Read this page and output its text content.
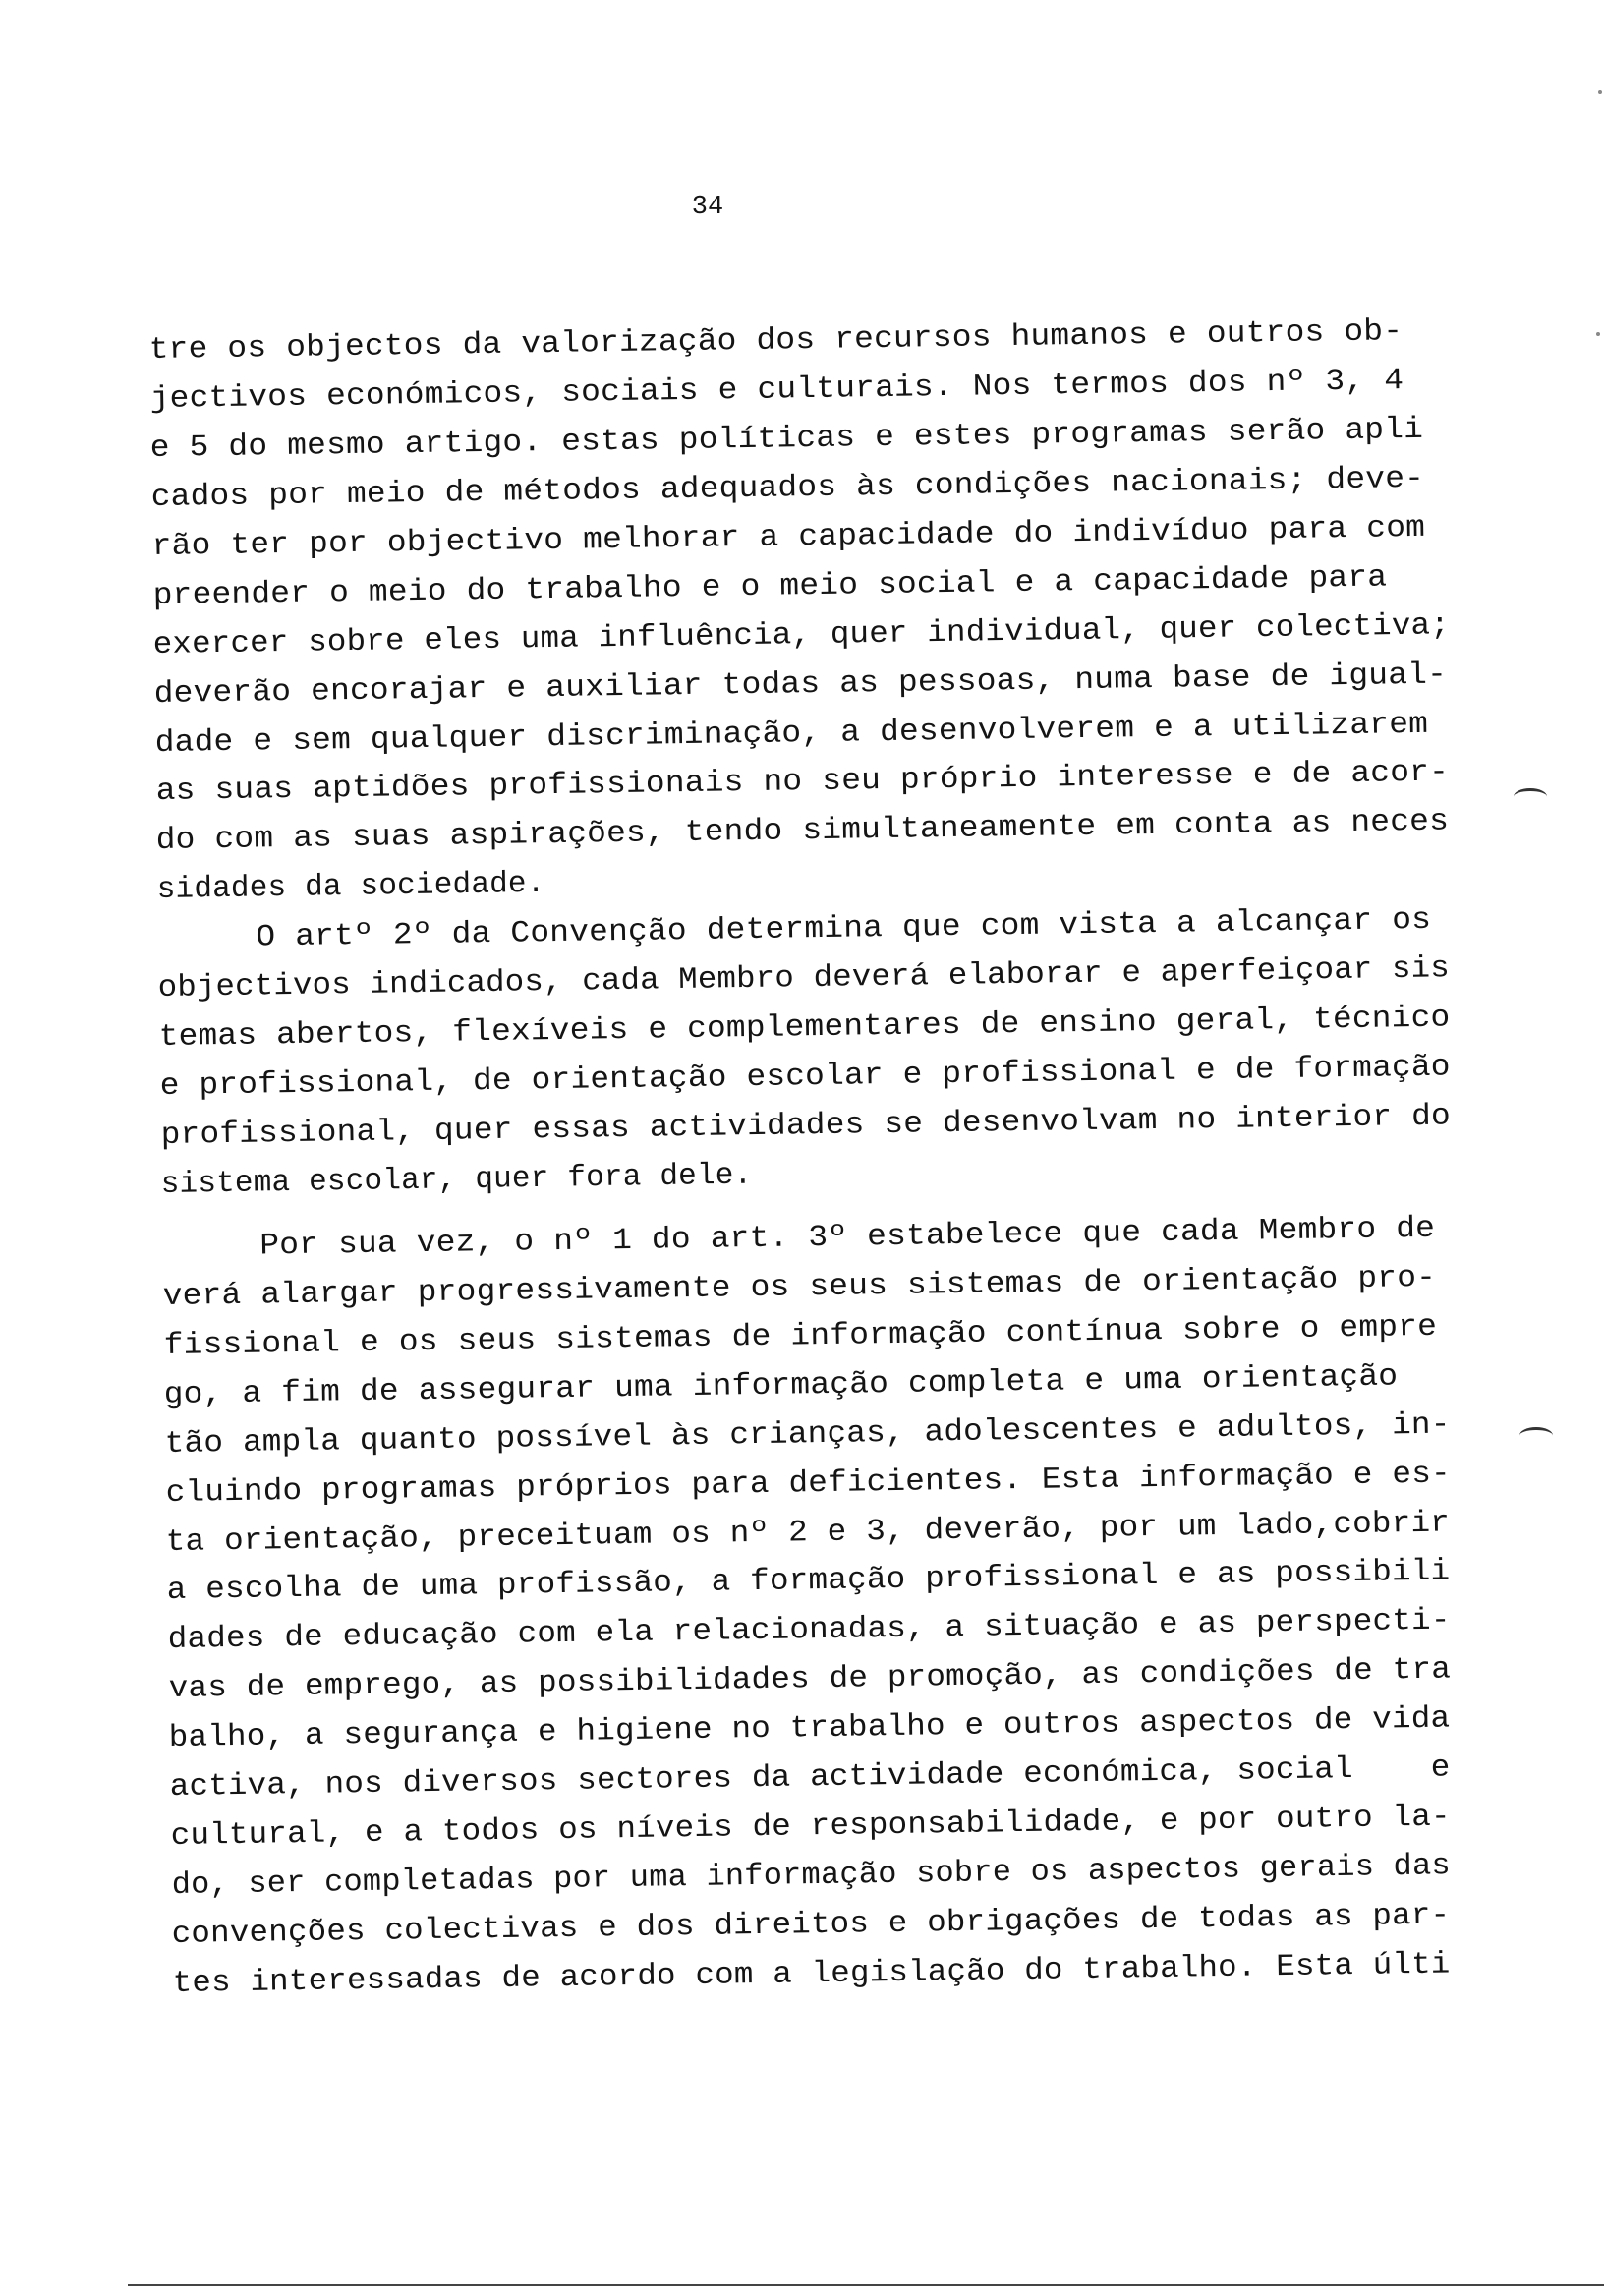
34
tre os objectos da valorização dos recursos humanos e outros ob-
jectivos económicos, sociais e culturais. Nos termos dos nº 3, 4
e 5 do mesmo artigo. estas políticas e estes programas serão apli
cados por meio de métodos adequados às condições nacionais; deve-
rão ter por objectivo melhorar a capacidade do indivíduo para com
preender o meio do trabalho e o meio social e a capacidade para
exercer sobre eles uma influência, quer individual, quer colectiva;
deverão encorajar e auxiliar todas as pessoas, numa base de igual-
dade e sem qualquer discriminação, a desenvolverem e a utilizarem
as suas aptidões profissionais no seu próprio interesse e de acor-
do com as suas aspirações, tendo simultaneamente em conta as neces
sidades da sociedade.
O artº 2º da Convenção determina que com vista a alcançar os
objectivos indicados, cada Membro deverá elaborar e aperfeiçoar sis
temas abertos, flexíveis e complementares de ensino geral, técnico
e profissional, de orientação escolar e profissional e de formação
profissional, quer essas actividades se desenvolvam no interior do
sistema escolar, quer fora dele.
Por sua vez, o nº 1 do art. 3º estabelece que cada Membro de
verá alargar progressivamente os seus sistemas de orientação pro-
fissional e os seus sistemas de informação contínua sobre o empre
go, a fim de assegurar uma informação completa e uma orientação
tão ampla quanto possível às crianças, adolescentes e adultos, in-
cluindo programas próprios para deficientes. Esta informação e es-
ta orientação, preceituam os nº 2 e 3, deverão, por um lado,cobrir
a escolha de uma profissão, a formação profissional e as possibili
dades de educação com ela relacionadas, a situação e as perspecti-
vas de emprego, as possibilidades de promoção, as condições de tra
balho, a segurança e higiene no trabalho e outros aspectos de vida
activa, nos diversos sectores da actividade económica, social    e
cultural, e a todos os níveis de responsabilidade, e por outro la-
do, ser completadas por uma informação sobre os aspectos gerais das
convenções colectivas e dos direitos e obrigações de todas as par-
tes interessadas de acordo com a legislação do trabalho. Esta últi
